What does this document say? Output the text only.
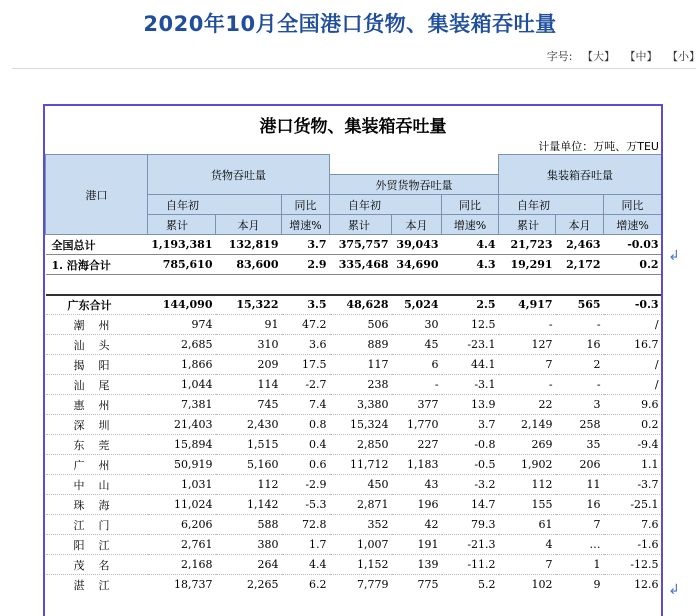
2020年10月全国港口货物、集装箱吞吐量
字号: 【大】 【中】 【小】
港口货物、集装箱吞吐量
计量单位：万吨、万TEU
港口	货物吞吐量						集装箱吞吐量		
				外贸货物吞吐量					
	自年初		同比	自年初		同比	自年初		同比
	累计	本月	增速%	累计	本月	增速%	累计	本月	增速%
全国总计	1,193,381	132,819	3.7	375,757	39,043	4.4	21,723	2,463	-0.03
1. 沿海合计	785,610	83,600	2.9	335,468	34,690	4.3	19,291	2,172	0.2

广东合计	144,090	15,322	3.5	48,628	5,024	2.5	4,917	565	-0.3
潮州	974	91	47.2	506	30	12.5	-	-	/
汕头	2,685	310	3.6	889	45	-23.1	127	16	16.7
揭阳	1,866	209	17.5	117	6	44.1	7	2	/
汕尾	1,044	114	-2.7	238	-	-3.1	-	-	/
惠州	7,381	745	7.4	3,380	377	13.9	22	3	9.6
深圳	21,403	2,430	0.8	15,324	1,770	3.7	2,149	258	0.2
东莞	15,894	1,515	0.4	2,850	227	-0.8	269	35	-9.4
广州	50,919	5,160	0.6	11,712	1,183	-0.5	1,902	206	1.1
中山	1,031	112	-2.9	450	43	-3.2	112	11	-3.7
珠海	11,024	1,142	-5.3	2,871	196	14.7	155	16	-25.1
江门	6,206	588	72.8	352	42	79.3	61	7	7.6
阳江	2,761	380	1.7	1,007	191	-21.3	4	…	-1.6
茂名	2,168	264	4.4	1,152	139	-11.2	7	1	-12.5
湛江	18,737	2,265	6.2	7,779	775	5.2	102	9	12.6
↲
↲
